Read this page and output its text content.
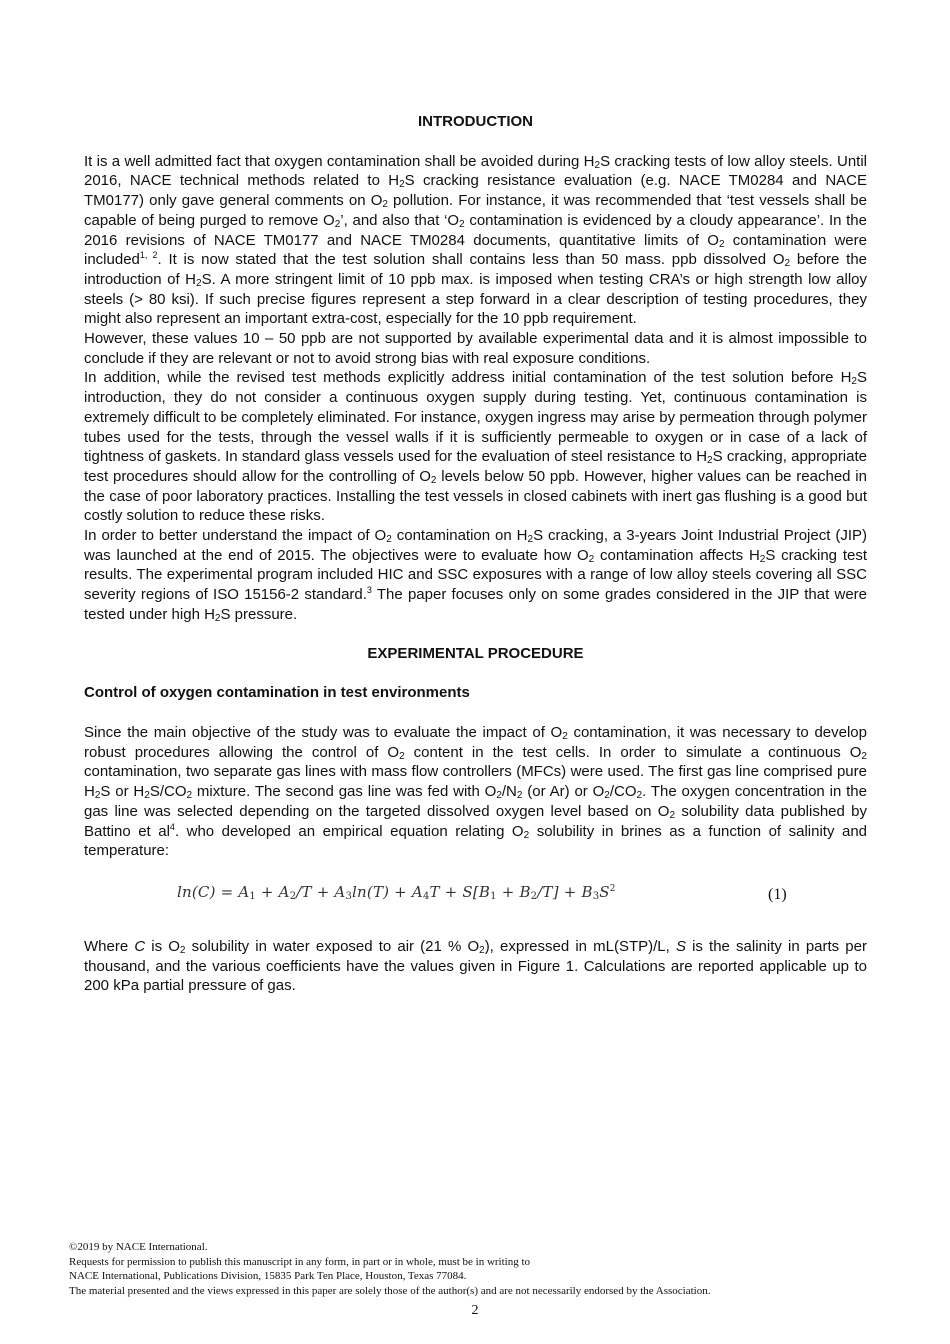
INTRODUCTION

It is a well admitted fact that oxygen contamination shall be avoided during $H_2S$ cracking tests of low alloy steels. Until 2016, NACE technical methods related to $H_2S$ cracking resistance evaluation (e.g. NACE TM0284 and NACE TM0177) only gave general comments on $O_2$ pollution. For instance, it was recommended that ‘test vessels shall be capable of being purged to remove $O_2$’, and also that ‘$O_2$ contamination is evidenced by a cloudy appearance’. In the 2016 revisions of NACE TM0177 and NACE TM0284 documents, quantitative limits of $O_2$ contamination were included$^{1, 2}$. It is now stated that the test solution shall contains less than 50 mass. ppb dissolved $O_2$ before the introduction of $H_2S$. A more stringent limit of 10 ppb max. is imposed when testing CRA’s or high strength low alloy steels (> 80 ksi). If such precise figures represent a step forward in a clear description of testing procedures, they might also represent an important extra-cost, especially for the 10 ppb requirement.

However, these values 10 – 50 ppb are not supported by available experimental data and it is almost impossible to conclude if they are relevant or not to avoid strong bias with real exposure conditions.

In addition, while the revised test methods explicitly address initial contamination of the test solution before $H_2S$ introduction, they do not consider a continuous oxygen supply during testing. Yet, continuous contamination is extremely difficult to be completely eliminated. For instance, oxygen ingress may arise by permeation through polymer tubes used for the tests, through the vessel walls if it is sufficiently permeable to oxygen or in case of a lack of tightness of gaskets. In standard glass vessels used for the evaluation of steel resistance to $H_2S$ cracking, appropriate test procedures should allow for the controlling of $O_2$ levels below 50 ppb. However, higher values can be reached in the case of poor laboratory practices. Installing the test vessels in closed cabinets with inert gas flushing is a good but costly solution to reduce these risks.

In order to better understand the impact of $O_2$ contamination on $H_2S$ cracking, a 3-years Joint Industrial Project (JIP) was launched at the end of 2015. The objectives were to evaluate how $O_2$ contamination affects $H_2S$ cracking test results. The experimental program included HIC and SSC exposures with a range of low alloy steels covering all SSC severity regions of ISO 15156-2 standard.$^3$ The paper focuses only on some grades considered in the JIP that were tested under high $H_2S$ pressure.

EXPERIMENTAL PROCEDURE
Control of oxygen contamination in test environments

Since the main objective of the study was to evaluate the impact of $O_2$ contamination, it was necessary to develop robust procedures allowing the control of $O_2$ content in the test cells. In order to simulate a continuous $O_2$ contamination, two separate gas lines with mass flow controllers (MFCs) were used. The first gas line comprised pure $H_2S$ or $H_2S/CO_2$ mixture. The second gas line was fed with $O_2/N_2$ (or Ar) or $O_2/CO_2$. The oxygen concentration in the gas line was selected depending on the targeted dissolved oxygen level based on $O_2$ solubility data published by Battino et $al^4$. who developed an empirical equation relating $O_2$ solubility in brines as a function of salinity and temperature:

$\ln(C) = A_1 + A_2/T + A_3\ln(T) + A_4T + S[B_1 + B_2/T] + B_3S^2$	(1)

Where C is $O_2$ solubility in water exposed to air (21 % $O_2$), expressed in mL(STP)/L, S is the salinity in parts per thousand, and the various coefficients have the values given in Figure 1. Calculations are reported applicable up to 200 kPa partial pressure of gas.

©2019 by NACE International.
Requests for permission to publish this manuscript in any form, in part or in whole, must be in writing to
NACE International, Publications Division, 15835 Park Ten Place, Houston, Texas 77084.
The material presented and the views expressed in this paper are solely those of the author(s) and are not necessarily endorsed by the Association.
2
